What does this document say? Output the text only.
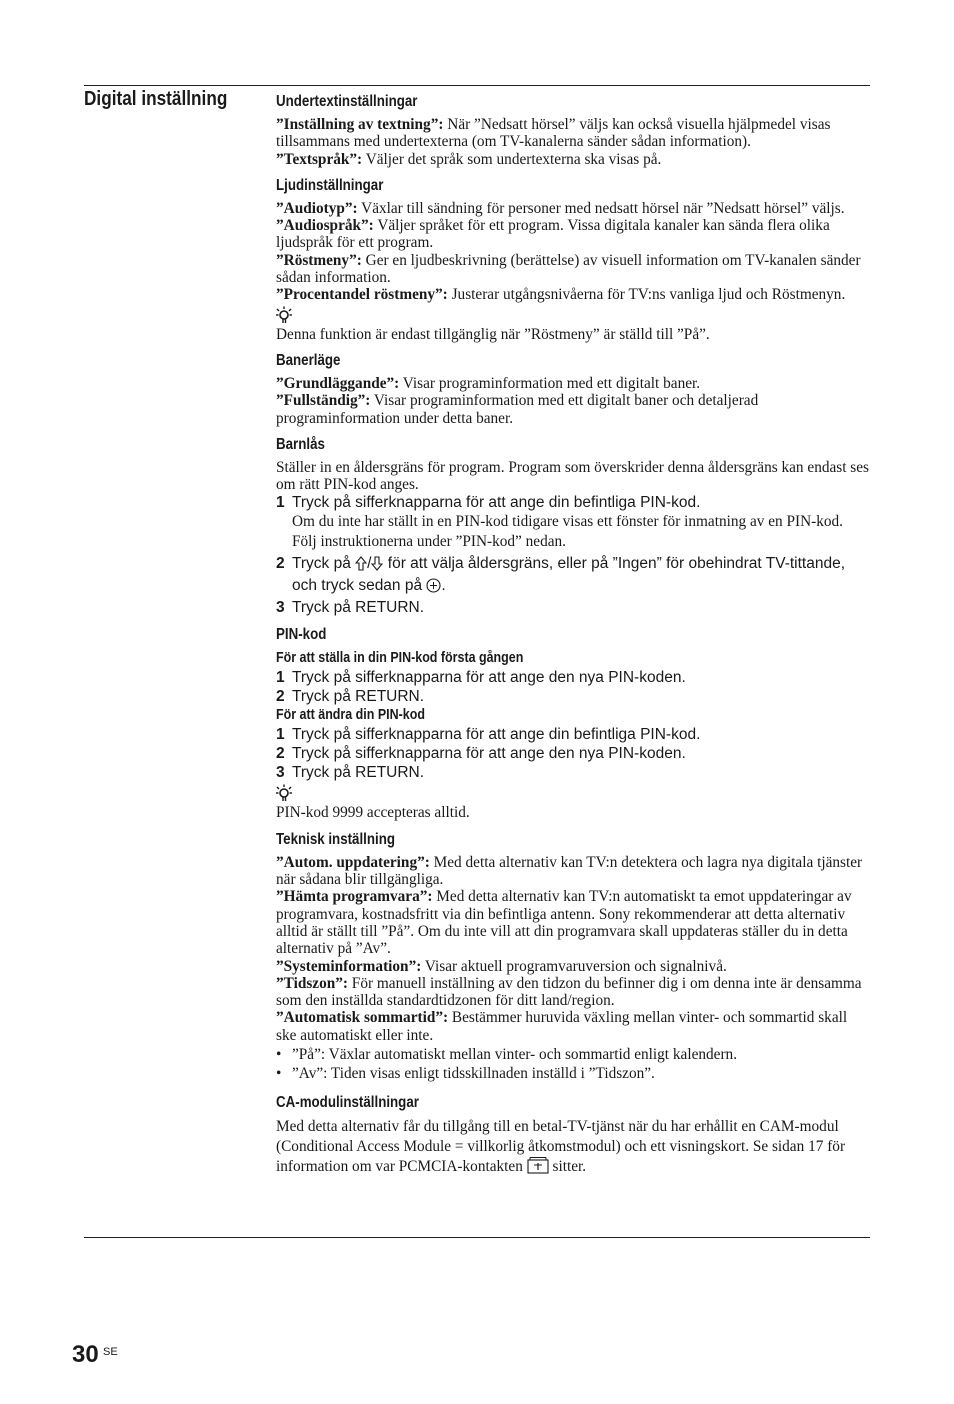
Digital inställning	Undertextinställningar

”Inställning av textning”: När ”Nedsatt hörsel” väljs kan också visuella hjälpmedel visas tillsammans med undertexterna (om TV-kanalerna sänder sådan information).

”Textspråk”: Väljer det språk som undertexterna ska visas på.

Ljudinställningar

”Audiotyp”: Växlar till sändning för personer med nedsatt hörsel när ”Nedsatt hörsel” väljs.

”Audiospråk”: Väljer språket för ett program. Vissa digitala kanaler kan sända flera olika ljudspråk för ett program.

”Röstmeny”: Ger en ljudbeskrivning (berättelse) av visuell information om TV-kanalen sänder sådan information.

”Procentandel röstmeny”: Justerar utgångsnivåerna för TV:ns vanliga ljud och Röstmenyn.

Denna funktion är endast tillgänglig när ”Röstmeny” är ställd till ”På”.

Banerläge

”Grundläggande”: Visar programinformation med ett digitalt baner.

”Fullständig”: Visar programinformation med ett digitalt baner och detaljerad programinformation under detta baner.

Barnlås

Ställer in en åldersgräns för program. Program som överskrider denna åldersgräns kan endast ses om rätt PIN-kod anges.

1 Tryck på sifferknapparna för att ange din befintliga PIN-kod.
Om du inte har ställt in en PIN-kod tidigare visas ett fönster för inmatning av en PIN-kod. Följ instruktionerna under ”PIN-kod” nedan.
2 Tryck på / för att välja åldersgräns, eller på ”Ingen” för obehindrat TV-tittande, och tryck sedan på .
3 Tryck på RETURN.
PIN-kod
För att ställa in din PIN-kod första gången
1 Tryck på sifferknapparna för att ange den nya PIN-koden.
2 Tryck på RETURN.
För att ändra din PIN-kod
1 Tryck på sifferknapparna för att ange din befintliga PIN-kod.
2 Tryck på sifferknapparna för att ange den nya PIN-koden.
3 Tryck på RETURN.

PIN-kod 9999 accepteras alltid.

Teknisk inställning

”Autom. uppdatering”: Med detta alternativ kan TV:n detektera och lagra nya digitala tjänster när sådana blir tillgängliga.

”Hämta programvara”: Med detta alternativ kan TV:n automatiskt ta emot uppdateringar av programvara, kostnadsfritt via din befintliga antenn. Sony rekommenderar att detta alternativ alltid är ställt till ”På”. Om du inte vill att din programvara skall uppdateras ställer du in detta alternativ på ”Av”.

”Systeminformation”: Visar aktuell programvaruversion och signalnivå.

”Tidszon”: För manuell inställning av den tidzon du befinner dig i om denna inte är densamma som den inställda standardtidzonen för ditt land/region.

”Automatisk sommartid”: Bestämmer huruvida växling mellan vinter- och sommartid skall ske automatiskt eller inte.

• ”På”: Växlar automatiskt mellan vinter- och sommartid enligt kalendern.
• ”Av”: Tiden visas enligt tidsskillnaden inställd i ”Tidszon”.
CA-modulinställningar

Med detta alternativ får du tillgång till en betal-TV-tjänst när du har erhållit en CAM-modul (Conditional Access Module = villkorlig åtkomstmodul) och ett visningskort. Se sidan 17 för information om var PCMCIA-kontakten  sitter.

30 SE
